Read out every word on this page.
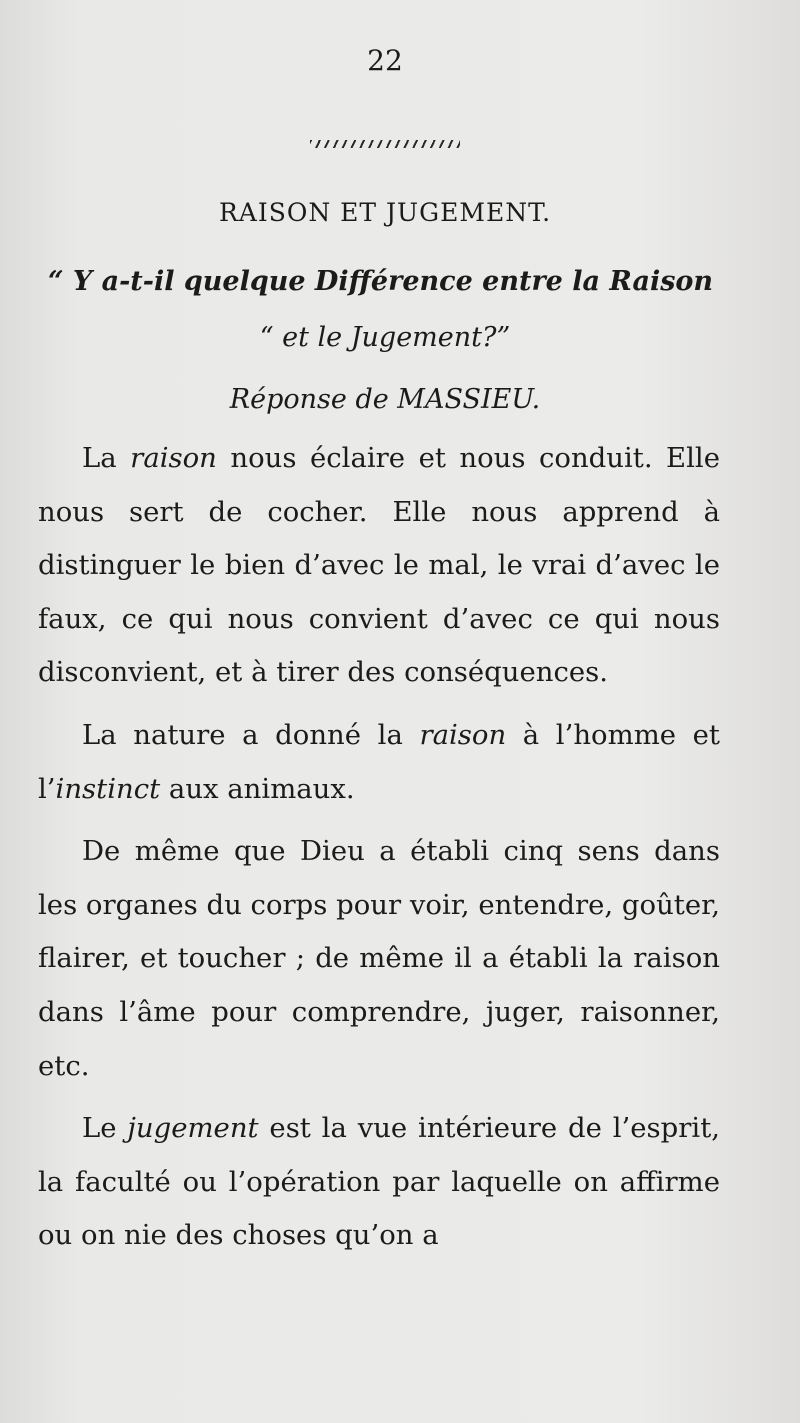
22
RAISON ET JUGEMENT.
“ Y a-t-il quelque Différence entre la Raison
“ et le Jugement?”
Réponse de MASSIEU.

La raison nous éclaire et nous conduit. Elle nous sert de cocher. Elle nous apprend à distinguer le bien d’avec le mal, le vrai d’avec le faux, ce qui nous convient d’avec ce qui nous disconvient, et à tirer des conséquences.

La nature a donné la raison à l’homme et l’instinct aux animaux.

De même que Dieu a établi cinq sens dans les organes du corps pour voir, entendre, goûter, flairer, et toucher ; de même il a établi la raison dans l’âme pour comprendre, juger, raisonner, etc.

Le jugement est la vue intérieure de l’esprit, la faculté ou l’opération par laquelle on affirme ou on nie des choses qu’on a
